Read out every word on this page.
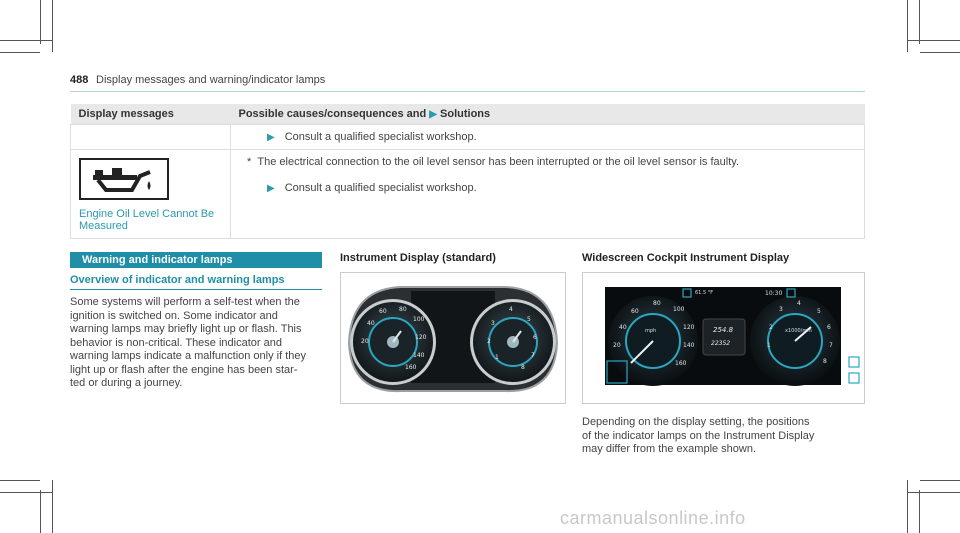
488 Display messages and warning/indicator lamps
Display messages	Possible causes/consequences and ▶ Solutions

	▶ Consult a qualified specialist workshop.

Engine Oil Level Cannot Be Measured	*  The electrical connection to the oil level sensor has been interrupted or the oil level sensor is faulty.
▶ Consult a qualified specialist workshop.
Warning and indicator lamps
Overview of indicator and warning lamps
Some systems will perform a self-test when the
ignition is switched on. Some indicator and
warning lamps may briefly light up or flash. This
behavior is non-critical. These indicator and
warning lamps indicate a malfunction only if they
light up or flash after the engine has been star-
ted or during a journey.
Instrument Display (standard)
40
20
60 80
100
120
140
160
3
2
1
4
5
6
7
8
Widescreen Cockpit Instrument Display
40
20
60
80
100
120
140
160
3
2
1
4
5
6
7
8
mph	x1000/min
61.5 °F	10:30
254.8
22352
Depending on the display setting, the positions
of the indicator lamps on the Instrument Display
may differ from the example shown.
carmanualsonline.info
